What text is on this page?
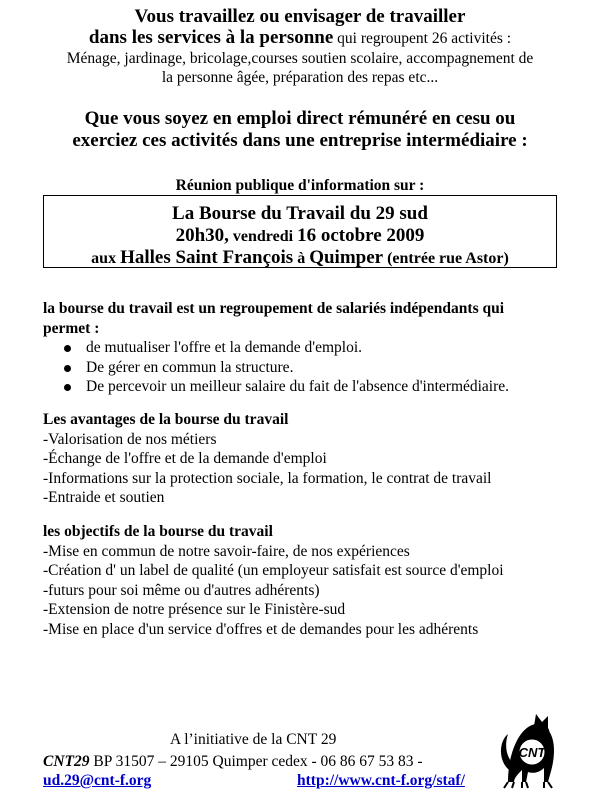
Vous travaillez ou envisager de travailler
dans les services à la personne qui regroupent 26 activités :
Ménage, jardinage, bricolage,courses soutien scolaire, accompagnement de
la personne âgée, préparation des repas etc...
Que vous soyez en emploi direct rémunéré en cesu ou
exerciez ces activités dans une entreprise intermédiaire :
Réunion publique d'information sur :
La Bourse du Travail du 29 sud
20h30, vendredi 16 octobre 2009
aux Halles Saint François à Quimper (entrée rue Astor)
la bourse du travail est un regroupement de salariés indépendants qui
permet :
de mutualiser l'offre et la demande d'emploi.
De gérer en commun la structure.
De percevoir un meilleur salaire du fait de l'absence d'intermédiaire.
Les avantages de la bourse du travail
-Valorisation de nos métiers
-Échange de l'offre et de la demande d'emploi
-Informations sur la protection sociale, la formation, le contrat de travail
-Entraide et soutien
les objectifs de la bourse du travail
-Mise en commun de notre savoir-faire, de nos expériences
-Création d' un label de qualité (un employeur satisfait est source d'emploi
-futurs pour soi même ou d'autres adhérents)
-Extension de notre présence sur le Finistère-sud
-Mise en place d'un service d'offres et de demandes pour les adhérents
A l’initiative de la CNT 29
CNT29 BP 31507 – 29105 Quimper cedex - 06 86 67 53 83 -
ud.29@cnt-f.org	http://www.cnt-f.org/staf/
CNT
